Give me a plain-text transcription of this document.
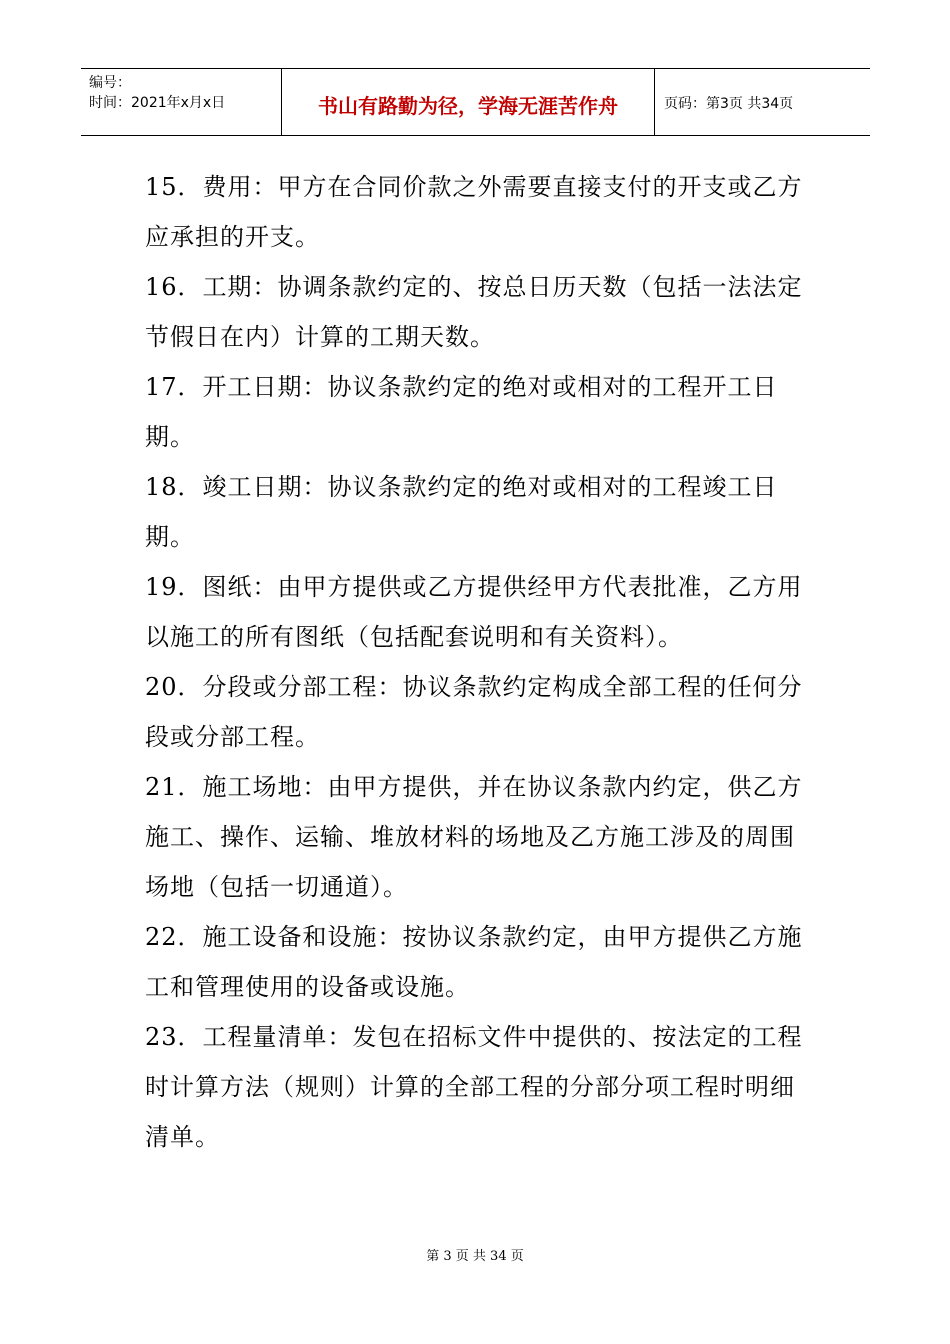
编号：
时间：2021年x月x日	书山有路勤为径，学海无涯苦作舟	页码：第3页 共34页

15．费用：甲方在合同价款之外需要直接支付的开支或乙方应承担的开支。

16．工期：协调条款约定的、按总日历天数（包括一法法定节假日在内）计算的工期天数。

17．开工日期：协议条款约定的绝对或相对的工程开工日期。

18．竣工日期：协议条款约定的绝对或相对的工程竣工日期。

19．图纸：由甲方提供或乙方提供经甲方代表批准，乙方用以施工的所有图纸（包括配套说明和有关资料）。

20．分段或分部工程：协议条款约定构成全部工程的任何分段或分部工程。

21．施工场地：由甲方提供，并在协议条款内约定，供乙方施工、操作、运输、堆放材料的场地及乙方施工涉及的周围场地（包括一切通道）。

22．施工设备和设施：按协议条款约定，由甲方提供乙方施工和管理使用的设备或设施。

23．工程量清单：发包在招标文件中提供的、按法定的工程时计算方法（规则）计算的全部工程的分部分项工程时明细清单。

第 3 页 共 34 页
